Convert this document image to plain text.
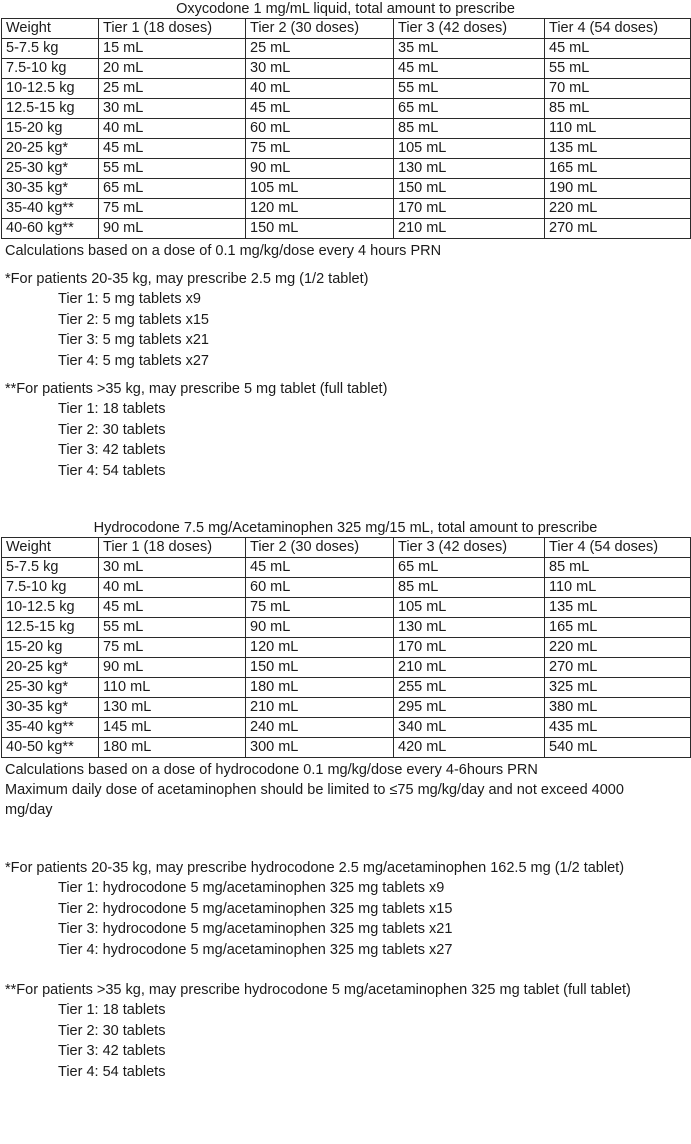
Oxycodone 1 mg/mL liquid, total amount to prescribe
Weight	Tier 1 (18 doses)	Tier 2 (30 doses)	Tier 3 (42 doses)	Tier 4 (54 doses)
5-7.5 kg	15 mL	25 mL	35 mL	45 mL
7.5-10 kg	20 mL	30 mL	45 mL	55 mL
10-12.5 kg	25 mL	40 mL	55 mL	70 mL
12.5-15 kg	30 mL	45 mL	65 mL	85 mL
15-20 kg	40 mL	60 mL	85 mL	110 mL
20-25 kg*	45 mL	75 mL	105 mL	135 mL
25-30 kg*	55 mL	90 mL	130 mL	165 mL
30-35 kg*	65 mL	105 mL	150 mL	190 mL
35-40 kg**	75 mL	120 mL	170 mL	220 mL
40-60 kg**	90 mL	150 mL	210 mL	270 mL

Calculations based on a dose of 0.1 mg/kg/dose every 4 hours PRN

*For patients 20-35 kg, may prescribe 2.5 mg (1/2 tablet)

Tier 1: 5 mg tablets x9

Tier 2: 5 mg tablets x15

Tier 3: 5 mg tablets x21

Tier 4: 5 mg tablets x27

**For patients >35 kg, may prescribe 5 mg tablet (full tablet)

Tier 1: 18 tablets

Tier 2: 30 tablets

Tier 3: 42 tablets

Tier 4: 54 tablets

Hydrocodone 7.5 mg/Acetaminophen 325 mg/15 mL, total amount to prescribe
Weight	Tier 1 (18 doses)	Tier 2 (30 doses)	Tier 3 (42 doses)	Tier 4 (54 doses)
5-7.5 kg	30 mL	45 mL	65 mL	85 mL
7.5-10 kg	40 mL	60 mL	85 mL	110 mL
10-12.5 kg	45 mL	75 mL	105 mL	135 mL
12.5-15 kg	55 mL	90 mL	130 mL	165 mL
15-20 kg	75 mL	120 mL	170 mL	220 mL
20-25 kg*	90 mL	150 mL	210 mL	270 mL
25-30 kg*	110 mL	180 mL	255 mL	325 mL
30-35 kg*	130 mL	210 mL	295 mL	380 mL
35-40 kg**	145 mL	240 mL	340 mL	435 mL
40-50 kg**	180 mL	300 mL	420 mL	540 mL

Calculations based on a dose of hydrocodone 0.1 mg/kg/dose every 4-6hours PRN

Maximum daily dose of acetaminophen should be limited to ≤75 mg/kg/day and not exceed 4000 mg/day

*For patients 20-35 kg, may prescribe hydrocodone 2.5 mg/acetaminophen 162.5 mg (1/2 tablet)

Tier 1: hydrocodone 5 mg/acetaminophen 325 mg tablets x9

Tier 2: hydrocodone 5 mg/acetaminophen 325 mg tablets x15

Tier 3: hydrocodone 5 mg/acetaminophen 325 mg tablets x21

Tier 4: hydrocodone 5 mg/acetaminophen 325 mg tablets x27

**For patients >35 kg, may prescribe hydrocodone 5 mg/acetaminophen 325 mg tablet (full tablet)

Tier 1: 18 tablets

Tier 2: 30 tablets

Tier 3: 42 tablets

Tier 4: 54 tablets
